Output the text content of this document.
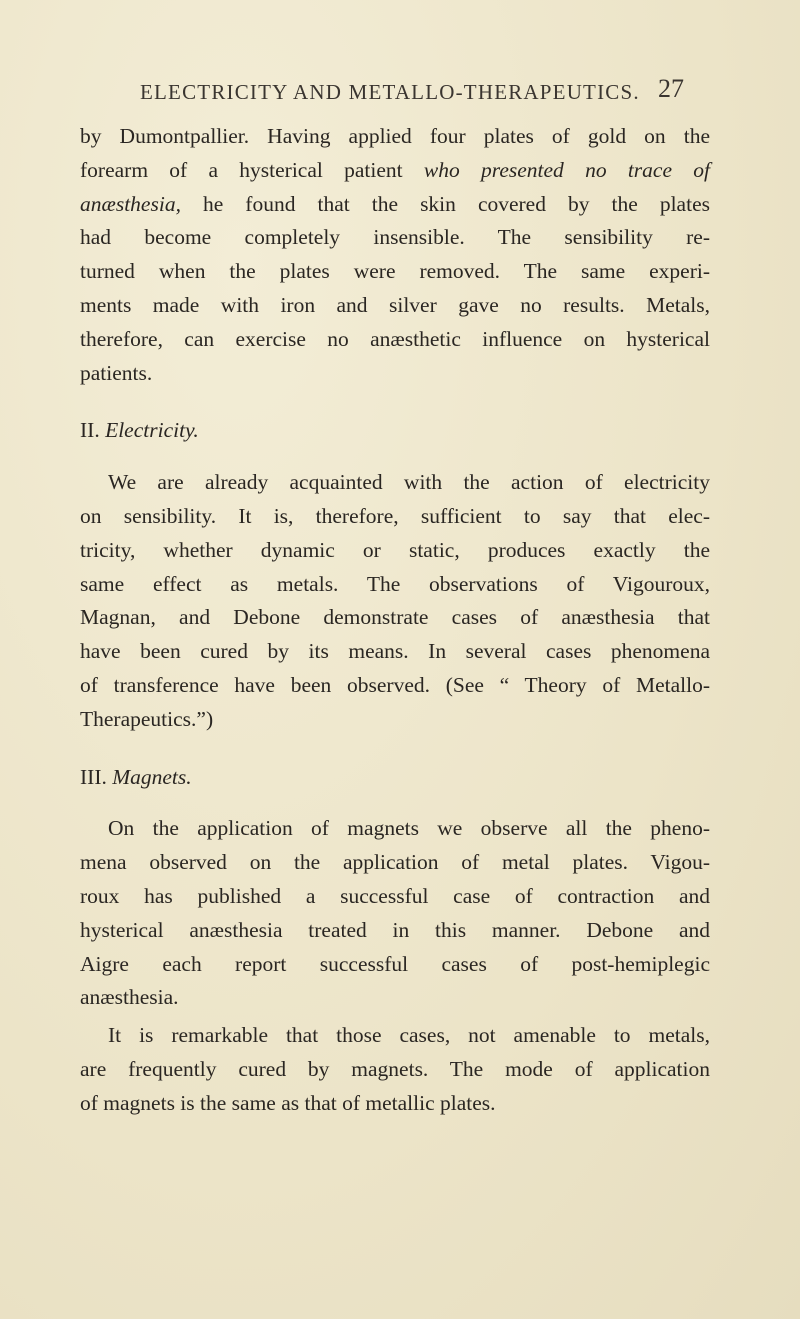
ELECTRICITY AND METALLO-THERAPEUTICS. 27

by Dumontpallier. Having applied four plates of gold on the
forearm of a hysterical patient who presented no trace of
anæsthesia, he found that the skin covered by the plates
had become completely insensible. The sensibility re-
turned when the plates were removed. The same experi-
ments made with iron and silver gave no results. Metals,
therefore, can exercise no anæsthetic influence on hysterical
patients.

II. Electricity.

We are already acquainted with the action of electricity
on sensibility. It is, therefore, sufficient to say that elec-
tricity, whether dynamic or static, produces exactly the
same effect as metals. The observations of Vigouroux,
Magnan, and Debone demonstrate cases of anæsthesia that
have been cured by its means. In several cases phenomena
of transference have been observed. (See “ Theory of Metallo-
Therapeutics.”)

III. Magnets.

On the application of magnets we observe all the pheno-
mena observed on the application of metal plates. Vigou-
roux has published a successful case of contraction and
hysterical anæsthesia treated in this manner. Debone and
Aigre each report successful cases of post-hemiplegic
anæsthesia.

It is remarkable that those cases, not amenable to metals,
are frequently cured by magnets. The mode of application
of magnets is the same as that of metallic plates.
